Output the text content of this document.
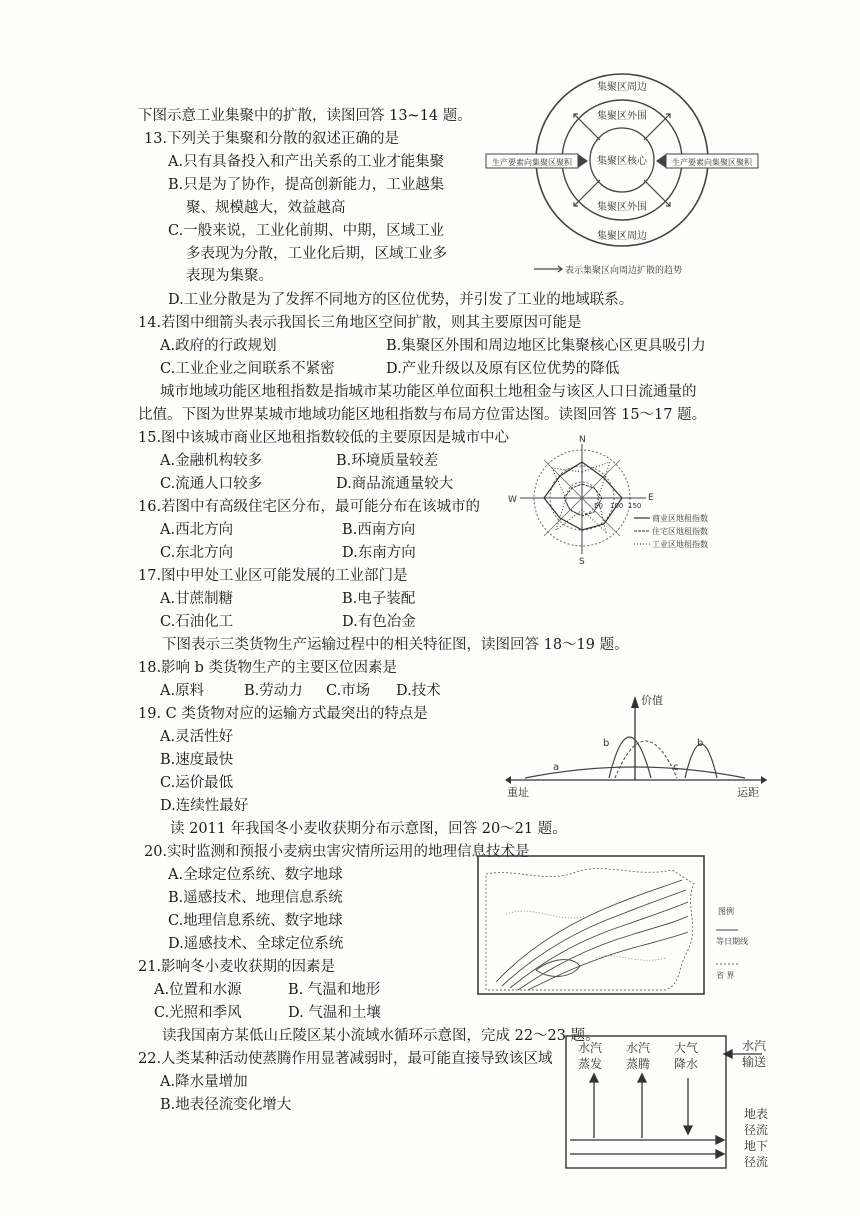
下图示意工业集聚中的扩散，读图回答 13~14 题。
13.下列关于集聚和分散的叙述正确的是
A.只有具备投入和产出关系的工业才能集聚
B.只是为了协作，提高创新能力，工业越集
聚、规模越大，效益越高
C.一般来说，工业化前期、中期，区域工业
多表现为分散，工业化后期，区域工业多
表现为集聚。
D.工业分散是为了发挥不同地方的区位优势，并引发了工业的地域联系。
集聚区周边
集聚区外围
集聚区核心
集聚区外围
集聚区周边
生产要素向集聚区聚积	生产要素向集聚区聚积
表示集聚区向周边扩散的趋势
14.若图中细箭头表示我国长三角地区空间扩散，则其主要原因可能是
A.政府的行政规划	B.集聚区外围和周边地区比集聚核心区更具吸引力
C.工业企业之间联系不紧密	D.产业升级以及原有区位优势的降低
城市地域功能区地租指数是指城市某功能区单位面积土地租金与该区人口日流通量的
比值。下图为世界某城市地域功能区地租指数与布局方位雷达图。读图回答 15～17 题。
15.图中该城市商业区地租指数较低的主要原因是城市中心
A.金融机构较多	B.环境质量较差
C.流通人口较多	D.商品流通量较大
16.若图中有高级住宅区分布，最可能分布在该城市的
A.西北方向	B.西南方向
C.东北方向	D.东南方向
N
S
W	E
50 100 150
商业区地租指数
住宅区地租指数
工业区地租指数
17.图中甲处工业区可能发展的工业部门是
A.甘蔗制糖	B.电子装配
C.石油化工	D.有色冶金
下图表示三类货物生产运输过程中的相关特征图，读图回答 18～19 题。
18.影响 b 类货物生产的主要区位因素是
A.原料	B.劳动力 C.市场 D.技术
19. C 类货物对应的运输方式最突出的特点是
A.灵活性好
B.速度最快
C.运价最低
D.连续性最好
价值
重址	运距
a
b	b
c
读 2011 年我国冬小麦收获期分布示意图，回答 20～21 题。
20.实时监测和预报小麦病虫害灾情所运用的地理信息技术是
A.全球定位系统、数字地球
B.遥感技术、地理信息系统
C.地理信息系统、数字地球
D.遥感技术、全球定位系统
图例
等日期线
省 界
21.影响冬小麦收获期的因素是
A.位置和水源	B. 气温和地形
C.光照和季风	D. 气温和土壤
读我国南方某低山丘陵区某小流域水循环示意图，完成 22～23 题。
22.人类某种活动使蒸腾作用显著减弱时，最可能直接导致该区域
A.降水量增加
B.地表径流变化增大
水汽
蒸发
水汽
蒸腾
大气
降水
水汽
输送
地表
径流
地下
径流
